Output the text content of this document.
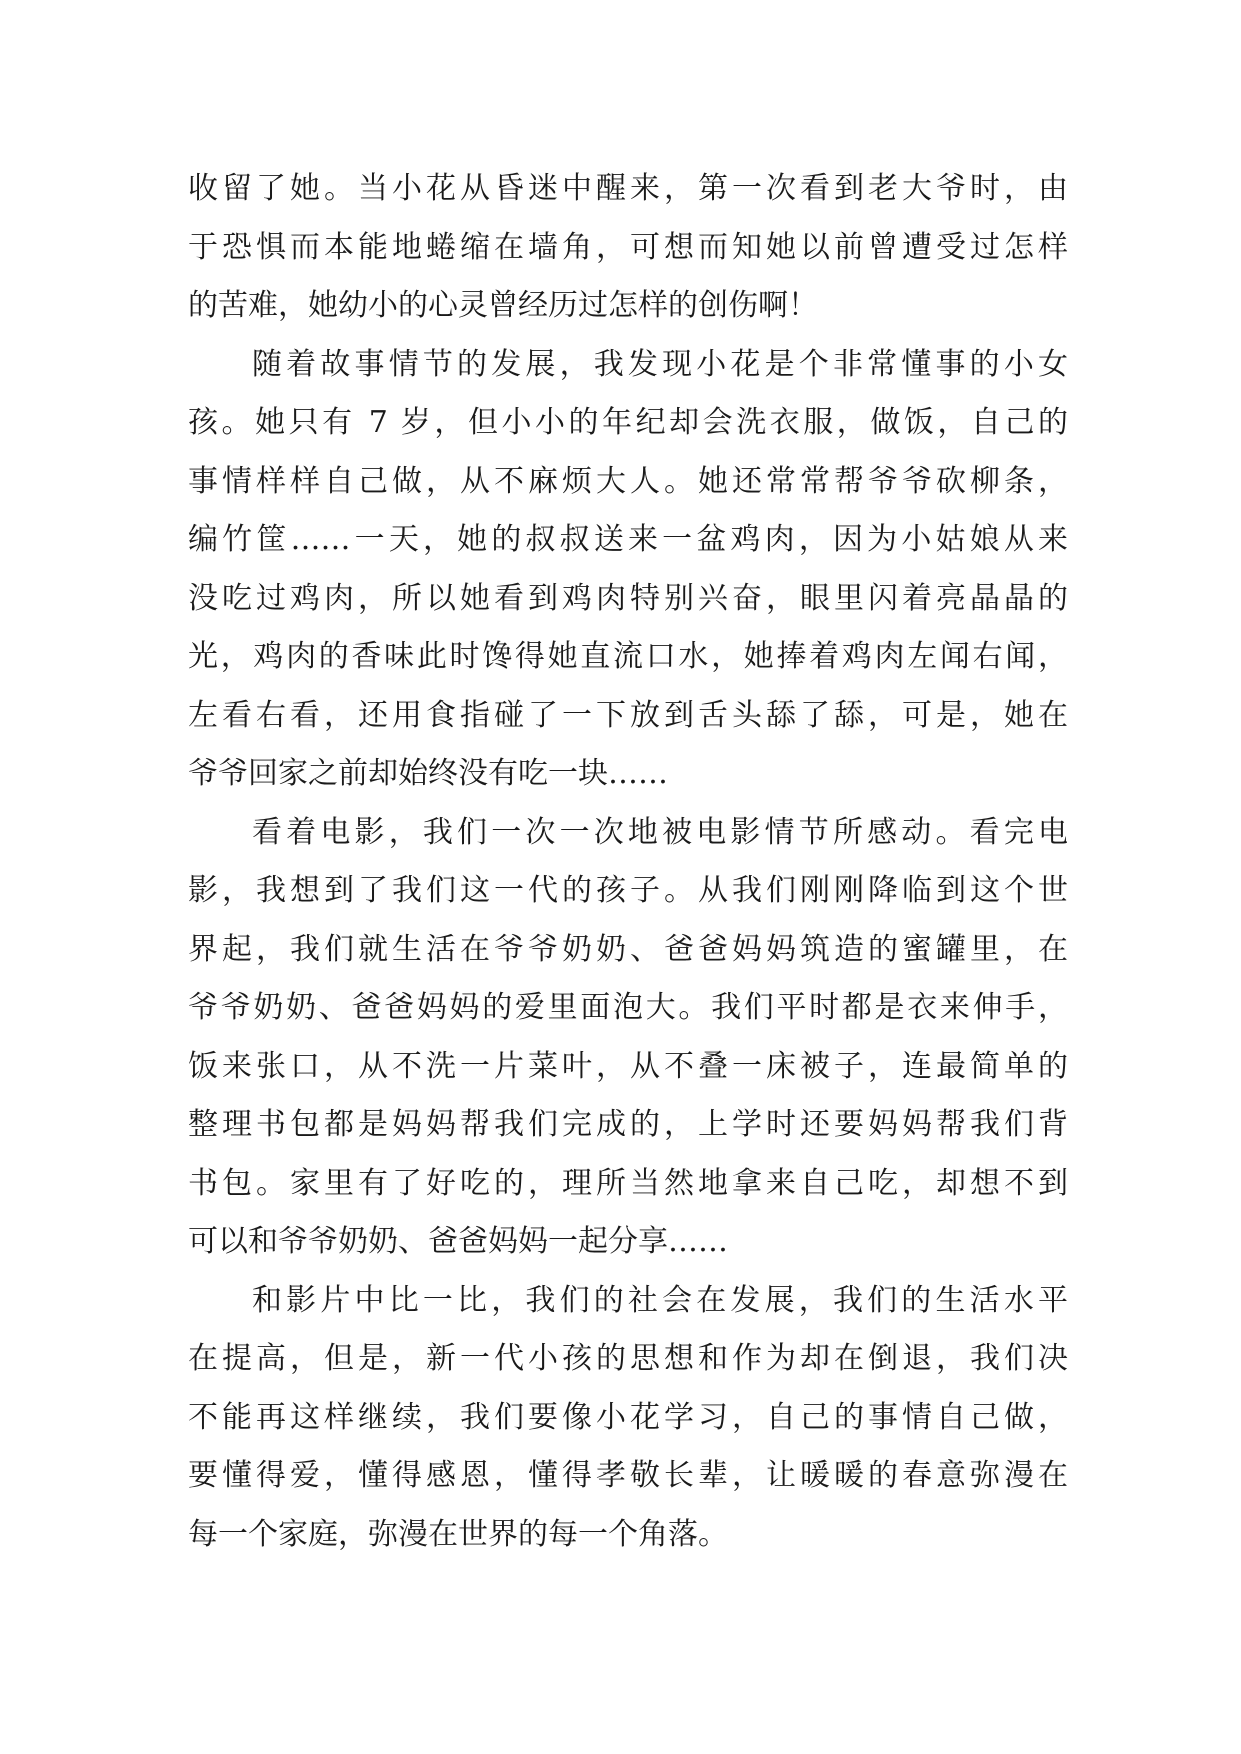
收留了她。当小花从昏迷中醒来，第一次看到老大爷时，由
于恐惧而本能地蜷缩在墙角，可想而知她以前曾遭受过怎样
的苦难，她幼小的心灵曾经历过怎样的创伤啊！
随着故事情节的发展，我发现小花是个非常懂事的小女
孩。她只有 7 岁，但小小的年纪却会洗衣服，做饭，自己的
事情样样自己做，从不麻烦大人。她还常常帮爷爷砍柳条，
编竹筐……一天，她的叔叔送来一盆鸡肉，因为小姑娘从来
没吃过鸡肉，所以她看到鸡肉特别兴奋，眼里闪着亮晶晶的
光，鸡肉的香味此时馋得她直流口水，她捧着鸡肉左闻右闻，
左看右看，还用食指碰了一下放到舌头舔了舔，可是，她在
爷爷回家之前却始终没有吃一块……
看着电影，我们一次一次地被电影情节所感动。看完电
影，我想到了我们这一代的孩子。从我们刚刚降临到这个世
界起，我们就生活在爷爷奶奶、爸爸妈妈筑造的蜜罐里，在
爷爷奶奶、爸爸妈妈的爱里面泡大。我们平时都是衣来伸手，
饭来张口，从不洗一片菜叶，从不叠一床被子，连最简单的
整理书包都是妈妈帮我们完成的，上学时还要妈妈帮我们背
书包。家里有了好吃的，理所当然地拿来自己吃，却想不到
可以和爷爷奶奶、爸爸妈妈一起分享……
和影片中比一比，我们的社会在发展，我们的生活水平
在提高，但是，新一代小孩的思想和作为却在倒退，我们决
不能再这样继续，我们要像小花学习，自己的事情自己做，
要懂得爱，懂得感恩，懂得孝敬长辈，让暖暖的春意弥漫在
每一个家庭，弥漫在世界的每一个角落。
